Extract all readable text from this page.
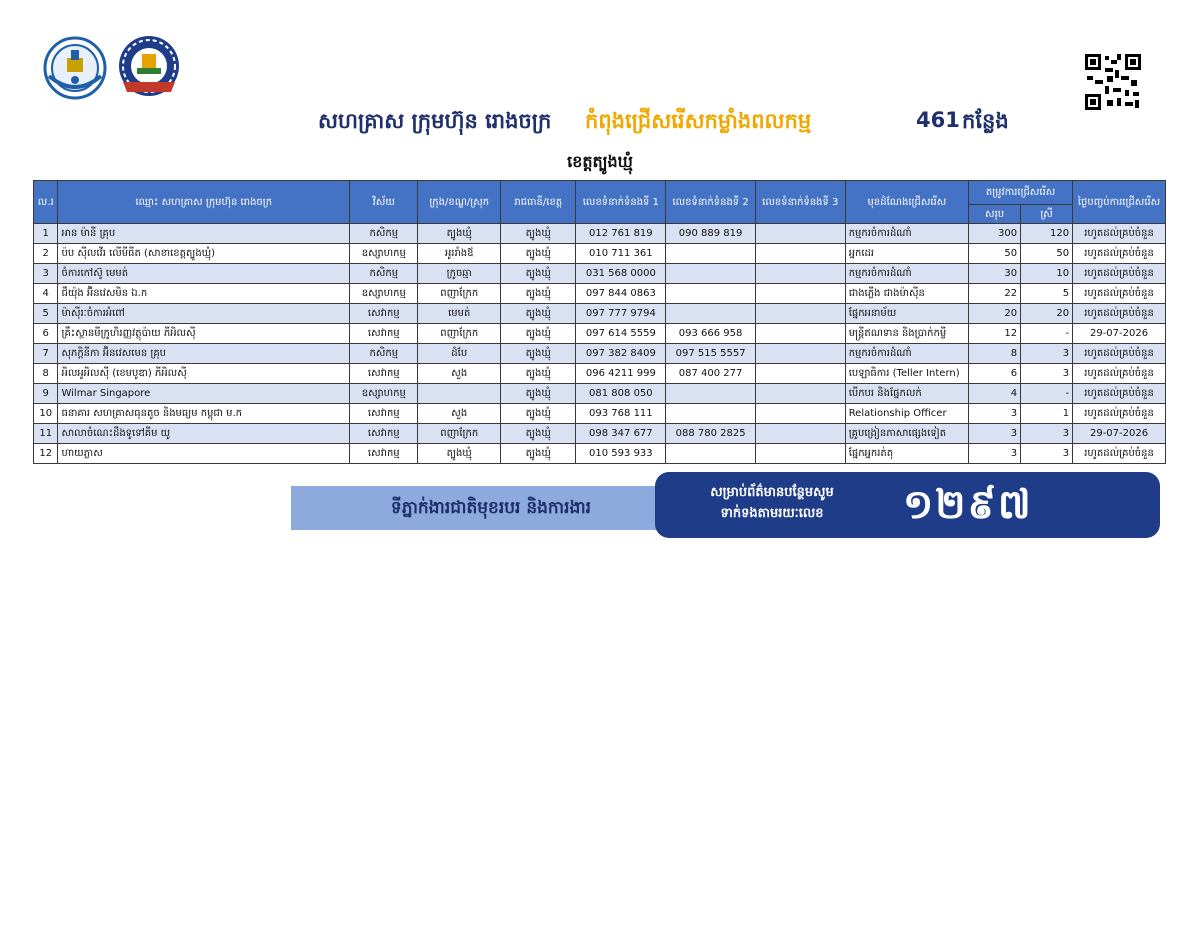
សហគ្រាស ក្រុមហ៊ុន រោងចក្រ កំពុងជ្រើសរើសកម្លាំងពលកម្ម	461 កន្លែង
ខេត្តត្បូងឃ្មុំ
ល.រ	ឈ្មោះ សហគ្រាស ក្រុមហ៊ុន រោងចក្រ	វិស័យ	ក្រុង/ខណ្ឌ/ស្រុក	រាជធានី/ខេត្ត	លេខទំនាក់ទំនងទី 1	លេខទំនាក់ទំនងទី 2	លេខទំនាក់ទំនងទី 3	មុខដំណែងជ្រើសរើស	តម្រូវការជ្រើសរើស		ថ្ងៃបញ្ចប់ការជ្រើសរើស
									សរុប	ស្រី	
1	អាន ម៉ានី គ្រុប	កសិកម្ម	ត្បូងឃ្មុំ	ត្បូងឃ្មុំ	012 761 819	090 889 819		កម្មករចំការដំណាំ	300	120	រហូតដល់គ្រប់ចំនួន
2	ប៉ប ស៊ីលវើរ លើមីធីត (សាខាខេត្តត្បូងឃ្មុំ)	ឧស្សាហកម្ម	អូររាំងឪ	ត្បូងឃ្មុំ	010 711 361			អ្នកដេរ	50	50	រហូតដល់គ្រប់ចំនួន
3	ចំការកៅស៊ូ មេមត់	កសិកម្ម	ក្រូចឆ្មា	ត្បូងឃ្មុំ	031 568 0000			កម្មករចំការដំណាំ	30	10	រហូតដល់គ្រប់ចំនួន
4	ជឹយ៉ុង អ៊ិនវេសមិន ឯ.ក	ឧស្សាហកម្ម	ពញាក្រែក	ត្បូងឃ្មុំ	097 844 0863			ជាងភ្លើង ជាងម៉ាស៊ីន	22	5	រហូតដល់គ្រប់ចំនួន
5	ម៉ាស៊ីរៈចំការអំពៅ	សេវាកម្ម	មេមត់	ត្បូងឃ្មុំ	097 777 9794			ផ្នែកអនាម័យ	20	20	រហូតដល់គ្រប់ចំនួន
6	គ្រឹះស្ថានមីក្រូហិរញ្ញវត្ថុប៉ាយ ភីអិលស៊ី	សេវាកម្ម	ពញាក្រែក	ត្បូងឃ្មុំ	097 614 5559	093 666 958		មន្ត្រីឥណទាន និងប្រាក់កម្ចី	12	-	29-07-2026
7	សុភក្តិនីកា អ៊ិនវេសមេន គ្រុប	កសិកម្ម	ដំបែ	ត្បូងឃ្មុំ	097 382 8409	097 515 5557		កម្មករចំការដំណាំ	8	3	រហូតដល់គ្រប់ចំនួន
8	អិលអូអិលស៊ី (ខេមបូឌា) ភីអិលស៊ី	សេវាកម្ម	សួង	ត្បូងឃ្មុំ	096 4211 999	087 400 277		បេឡាធិការ (Teller Intern)	6	3	រហូតដល់គ្រប់ចំនួន
9	Wilmar Singapore	ឧស្សាហកម្ម		ត្បូងឃ្មុំ	081 808 050			បើកបរ និងផ្នែកលក់	4	-	រហូតដល់គ្រប់ចំនួន
10	ធនាគារ សហគ្រាសធុនតូច និងមធ្យម កម្ពុជា ម.ក	សេវាកម្ម	សួង	ត្បូងឃ្មុំ	093 768 111			Relationship Officer	3	1	រហូតដល់គ្រប់ចំនួន
11	សាលាចំណេះដឹងទូទៅគីម យូ	សេវាកម្ម	ពញាក្រែក	ត្បូងឃ្មុំ	098 347 677	088 780 2825		គ្រូបង្រៀនភាសាផ្សេងទៀត	3	3	29-07-2026
12	ហាយភ្លាស	សេវាកម្ម	ត្បូងឃ្មុំ	ត្បូងឃ្មុំ	010 593 933			ផ្នែកអ្នករត់តុ	3	3	រហូតដល់គ្រប់ចំនួន
ទីភ្នាក់ងារជាតិមុខរបរ និងការងារ
សម្រាប់ព័ត៌មានបន្ថែមសូម
ទាក់ទងតាមរយៈលេខ	១២៩៧
